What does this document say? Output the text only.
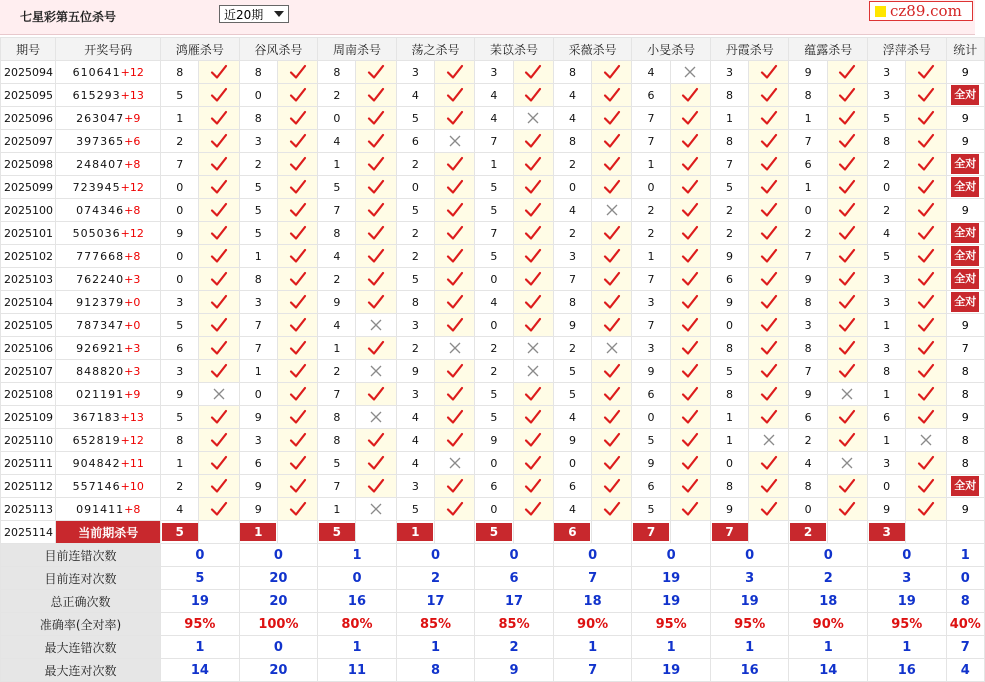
七星彩第五位杀号	近20期	cz89.com
期号	开奖号码	鸿雁杀号		谷风杀号		周南杀号		荡之杀号		苿苡杀号		采薇杀号		小旻杀号		丹霞杀号		蕴露杀号		浮萍杀号		统计
2025094	610641+12	8		8		8		3		3		8		4		3		9		3		9
2025095	615293+13	5		0		2		4		4		4		6		8		8		3		全对
2025096	263047+9	1		8		0		5		4		4		7		1		1		5		9
2025097	397365+6	2		3		4		6		7		8		7		8		7		8		9
2025098	248407+8	7		2		1		2		1		2		1		7		6		2		全对
2025099	723945+12	0		5		5		0		5		0		0		5		1		0		全对
2025100	074346+8	0		5		7		5		5		4		2		2		0		2		9
2025101	505036+12	9		5		8		2		7		2		2		2		2		4		全对
2025102	777668+8	0		1		4		2		5		3		1		9		7		5		全对
2025103	762240+3	0		8		2		5		0		7		7		6		9		3		全对
2025104	912379+0	3		3		9		8		4		8		3		9		8		3		全对
2025105	787347+0	5		7		4		3		0		9		7		0		3		1		9
2025106	926921+3	6		7		1		2		2		2		3		8		8		3		7
2025107	848820+3	3		1		2		9		2		5		9		5		7		8		8
2025108	021191+9	9		0		7		3		5		5		6		8		9		1		8
2025109	367183+13	5		9		8		4		5		4		0		1		6		6		9
2025110	652819+12	8		3		8		4		9		9		5		1		2		1		8
2025111	904842+11	1		6		5		4		0		0		9		0		4		3		8
2025112	557146+10	2		9		7		3		6		6		6		8		8		0		全对
2025113	091411+8	4		9		1		5		0		4		5		9		0		9		9
2025114	当前期杀号	5		1		5		1		5		6		7		7		2		3		
目前连错次数		0		0		1		0		0		0		0		0		0		0		1
目前连对次数		5		20		0		2		6		7		19		3		2		3		0
总正确次数		19		20		16		17		17		18		19		19		18		19		8
准确率(全对率)		95%		100%		80%		85%		85%		90%		95%		95%		90%		95%		40%
最大连错次数		1		0		1		1		2		1		1		1		1		1		7
最大连对次数		14		20		11		8		9		7		19		16		14		16		4
